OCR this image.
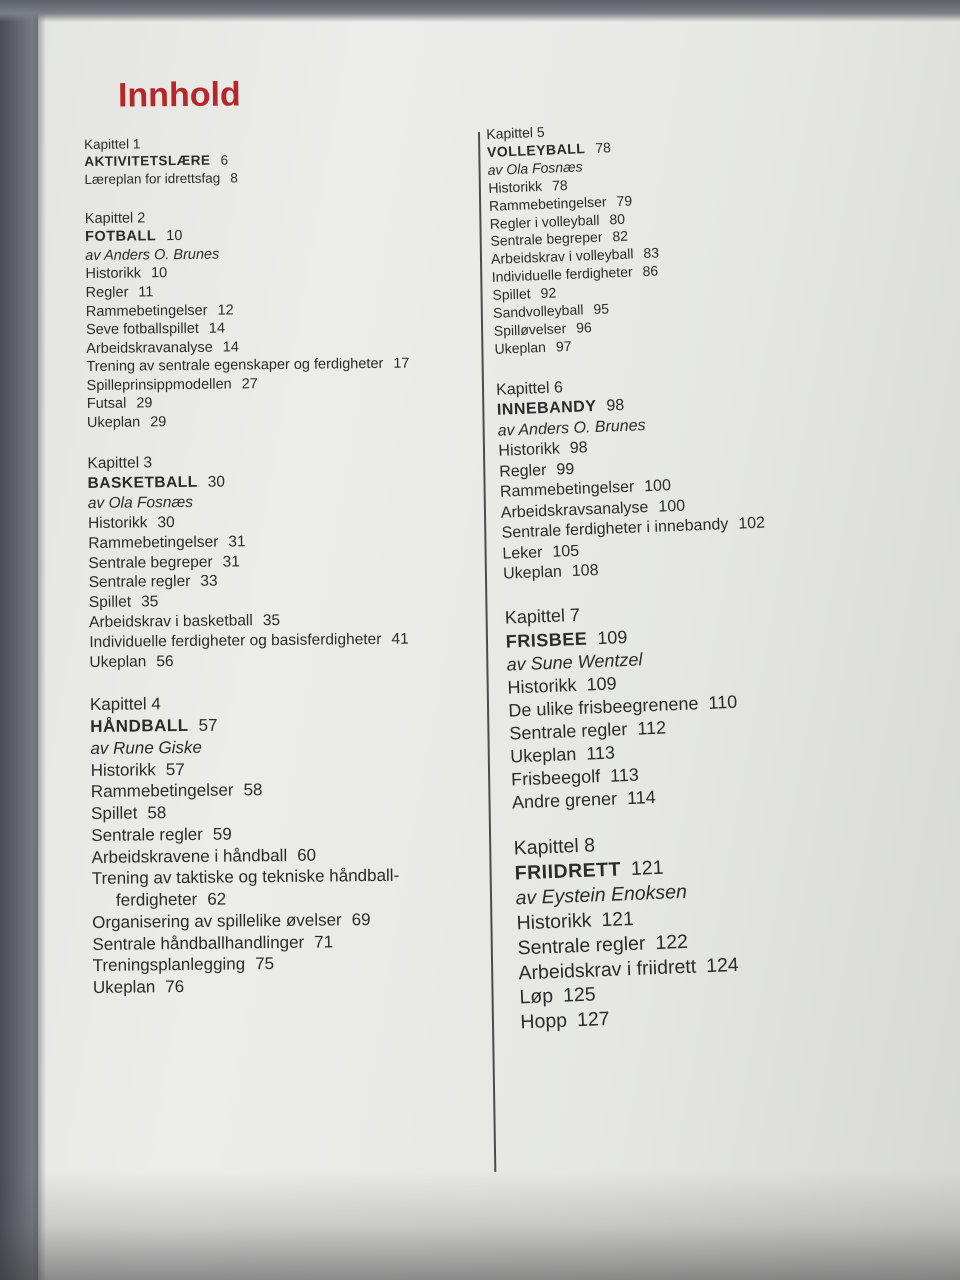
Innhold
Kapittel 1
AKTIVITETSLÆRE 6
Læreplan for idrettsfag 8
Kapittel 2
FOTBALL 10
av Anders O. Brunes
Historikk 10
Regler 11
Rammebetingelser 12
Seve fotballspillet 14
Arbeidskravanalyse 14
Trening av sentrale egenskaper og ferdigheter 17
Spilleprinsippmodellen 27
Futsal 29
Ukeplan 29
Kapittel 3
BASKETBALL 30
av Ola Fosnæs
Historikk 30
Rammebetingelser 31
Sentrale begreper 31
Sentrale regler 33
Spillet 35
Arbeidskrav i basketball 35
Individuelle ferdigheter og basisferdigheter 41
Ukeplan 56
Kapittel 4
HÅNDBALL 57
av Rune Giske
Historikk 57
Rammebetingelser 58
Spillet 58
Sentrale regler 59
Arbeidskravene i håndball 60
Trening av taktiske og tekniske håndball-
ferdigheter 62
Organisering av spillelike øvelser 69
Sentrale håndballhandlinger 71
Treningsplanlegging 75
Ukeplan 76
Kapittel 5
VOLLEYBALL 78
av Ola Fosnæs
Historikk 78
Rammebetingelser 79
Regler i volleyball 80
Sentrale begreper 82
Arbeidskrav i volleyball 83
Individuelle ferdigheter 86
Spillet 92
Sandvolleyball 95
Spilløvelser 96
Ukeplan 97
Kapittel 6
INNEBANDY 98
av Anders O. Brunes
Historikk 98
Regler 99
Rammebetingelser 100
Arbeidskravsanalyse 100
Sentrale ferdigheter i innebandy 102
Leker 105
Ukeplan 108
Kapittel 7
FRISBEE 109
av Sune Wentzel
Historikk 109
De ulike frisbeegrenene 110
Sentrale regler 112
Ukeplan 113
Frisbeegolf 113
Andre grener 114
Kapittel 8
FRIIDRETT 121
av Eystein Enoksen
Historikk 121
Sentrale regler 122
Arbeidskrav i friidrett 124
Løp 125
Hopp 127
